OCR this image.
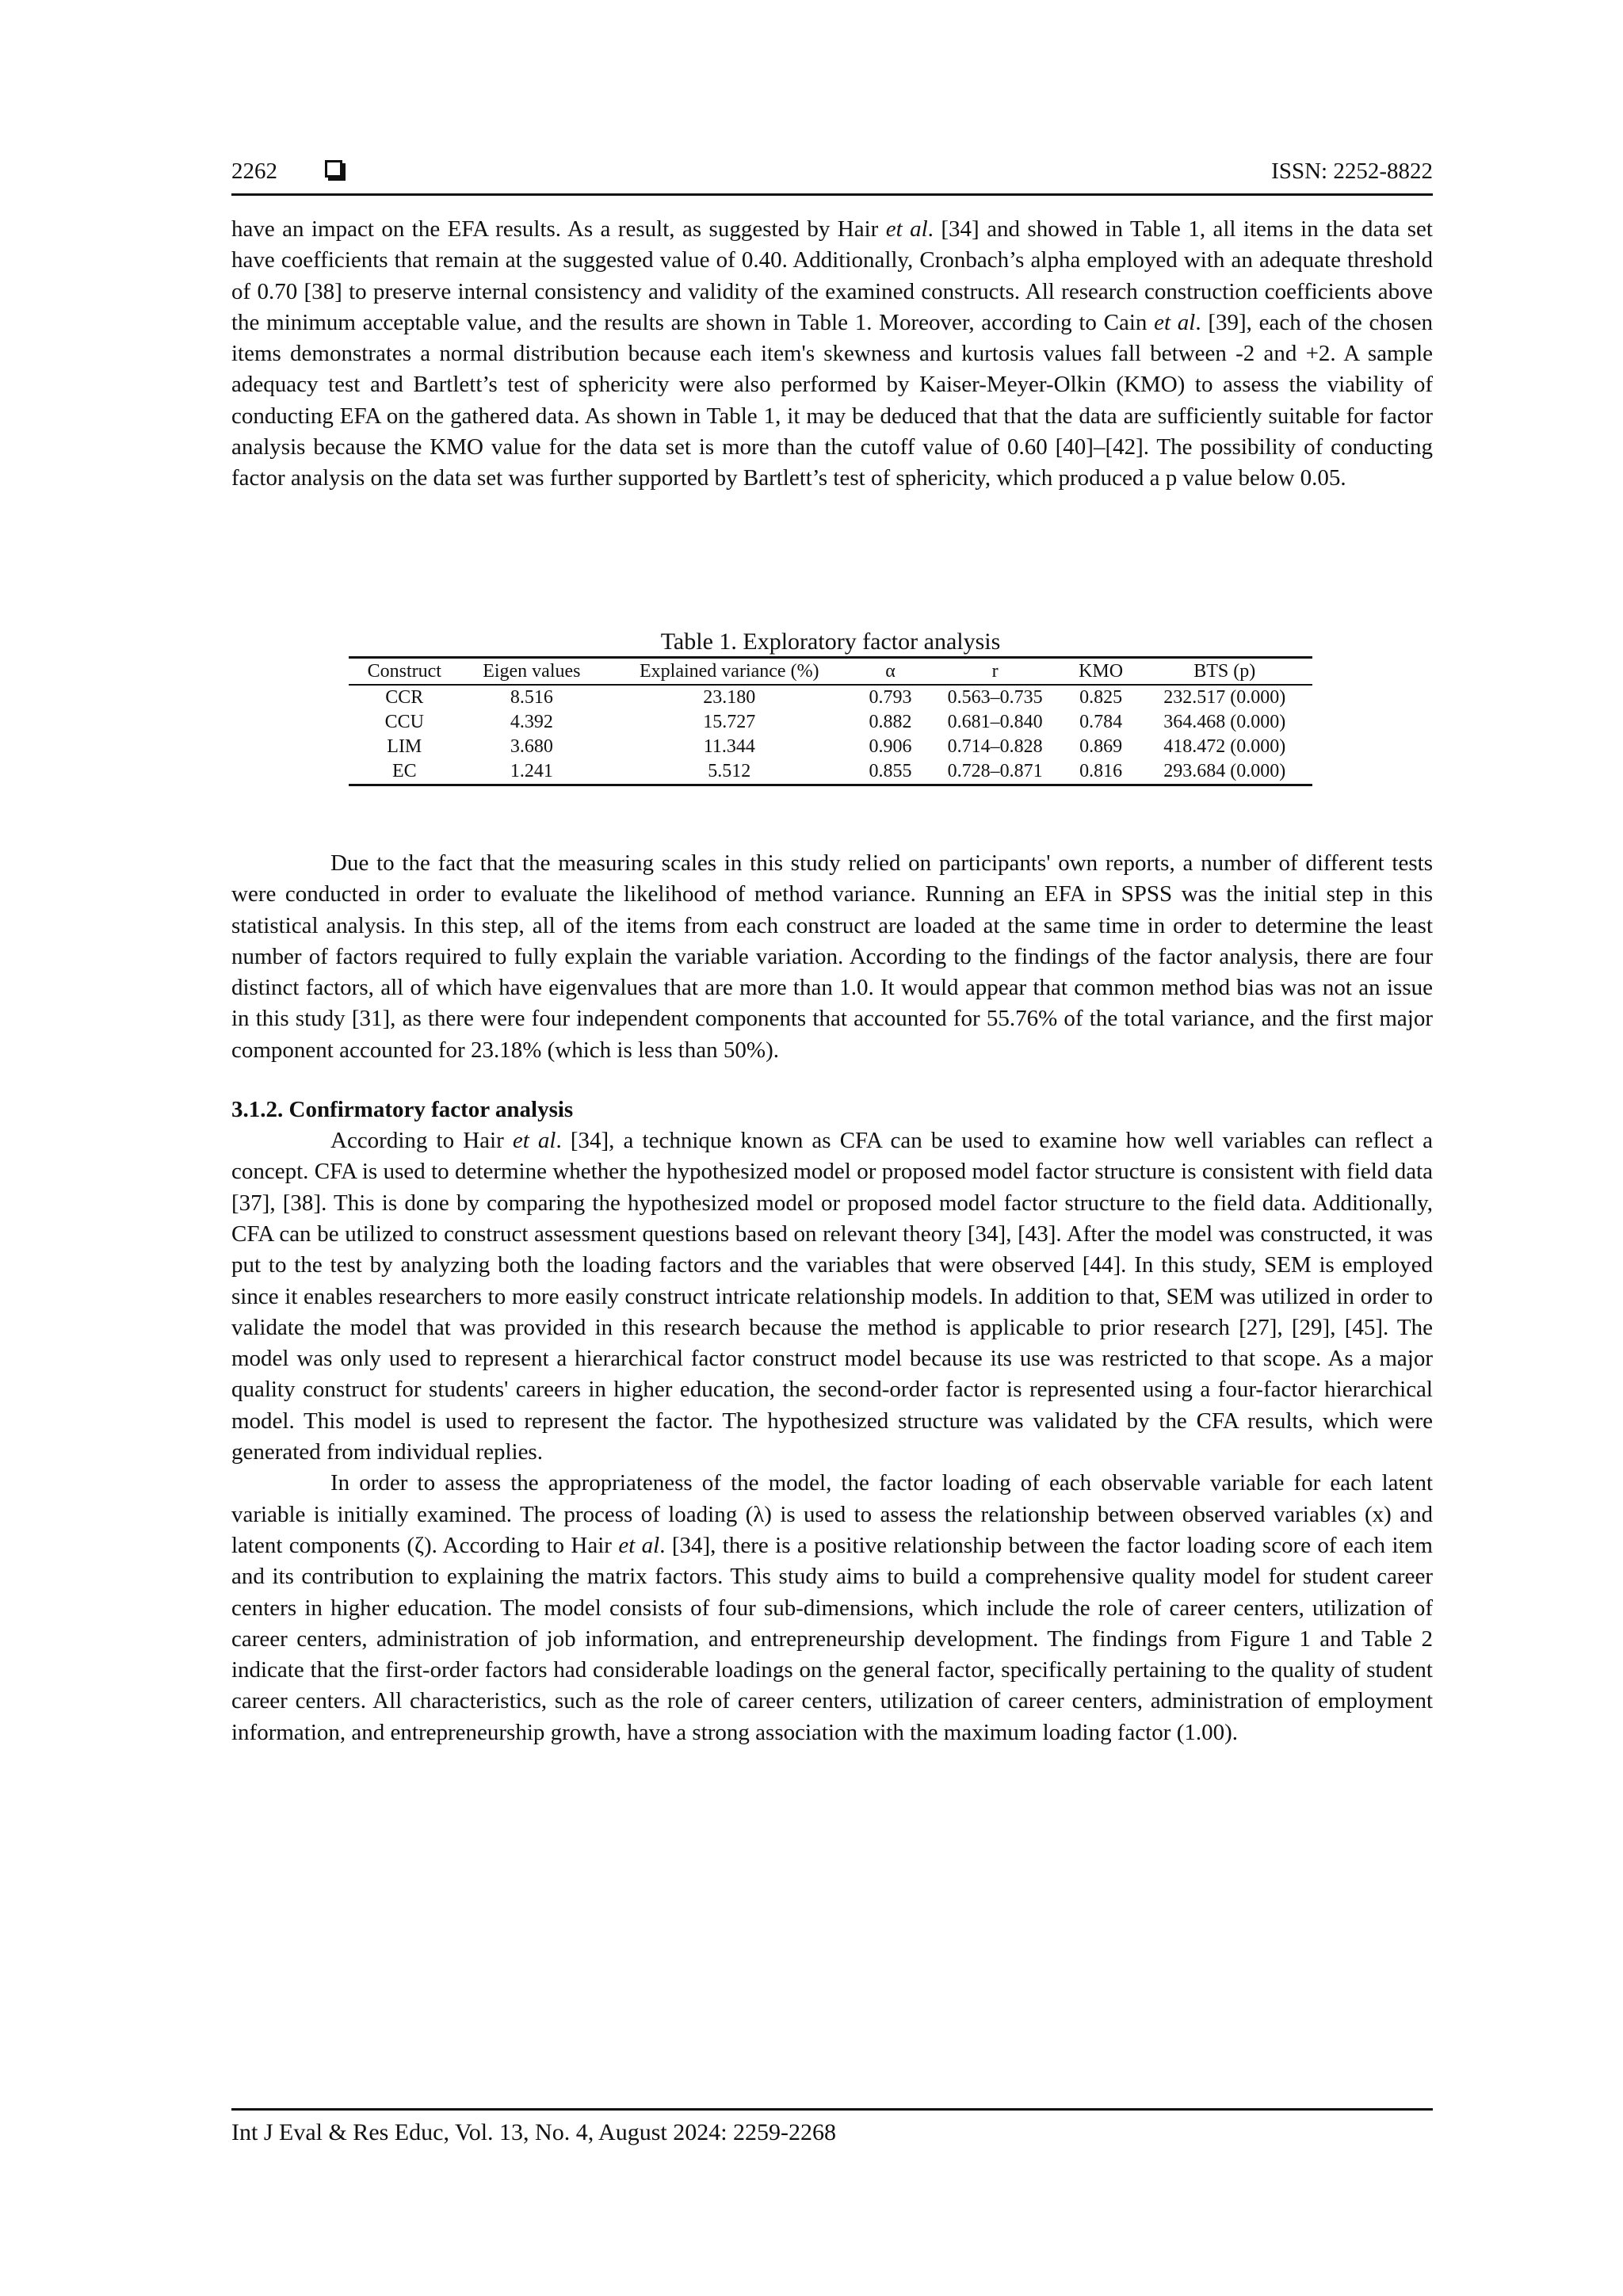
2262	ISSN: 2252-8822

have an impact on the EFA results. As a result, as suggested by Hair et al. [34] and showed in Table 1, all items in the data set have coefficients that remain at the suggested value of 0.40. Additionally, Cronbach’s alpha employed with an adequate threshold of 0.70 [38] to preserve internal consistency and validity of the examined constructs. All research construction coefficients above the minimum acceptable value, and the results are shown in Table 1. Moreover, according to Cain et al. [39], each of the chosen items demonstrates a normal distribution because each item's skewness and kurtosis values fall between -2 and +2. A sample adequacy test and Bartlett’s test of sphericity were also performed by Kaiser-Meyer-Olkin (KMO) to assess the viability of conducting EFA on the gathered data. As shown in Table 1, it may be deduced that that the data are sufficiently suitable for factor analysis because the KMO value for the data set is more than the cutoff value of 0.60 [40]–[42]. The possibility of conducting factor analysis on the data set was further supported by Bartlett’s test of sphericity, which produced a p value below 0.05.

Table 1. Exploratory factor analysis
Construct	Eigen values	Explained variance (%)	α	r	KMO	BTS (p)
CCR	8.516	23.180	0.793	0.563–0.735	0.825	232.517 (0.000)
CCU	4.392	15.727	0.882	0.681–0.840	0.784	364.468 (0.000)
LIM	3.680	11.344	0.906	0.714–0.828	0.869	418.472 (0.000)
EC	1.241	5.512	0.855	0.728–0.871	0.816	293.684 (0.000)

Due to the fact that the measuring scales in this study relied on participants' own reports, a number of different tests were conducted in order to evaluate the likelihood of method variance. Running an EFA in SPSS was the initial step in this statistical analysis. In this step, all of the items from each construct are loaded at the same time in order to determine the least number of factors required to fully explain the variable variation. According to the findings of the factor analysis, there are four distinct factors, all of which have eigenvalues that are more than 1.0. It would appear that common method bias was not an issue in this study [31], as there were four independent components that accounted for 55.76% of the total variance, and the first major component accounted for 23.18% (which is less than 50%).

3.1.2. Confirmatory factor analysis

According to Hair et al. [34], a technique known as CFA can be used to examine how well variables can reflect a concept. CFA is used to determine whether the hypothesized model or proposed model factor structure is consistent with field data [37], [38]. This is done by comparing the hypothesized model or proposed model factor structure to the field data. Additionally, CFA can be utilized to construct assessment questions based on relevant theory [34], [43]. After the model was constructed, it was put to the test by analyzing both the loading factors and the variables that were observed [44]. In this study, SEM is employed since it enables researchers to more easily construct intricate relationship models. In addition to that, SEM was utilized in order to validate the model that was provided in this research because the method is applicable to prior research [27], [29], [45]. The model was only used to represent a hierarchical factor construct model because its use was restricted to that scope. As a major quality construct for students' careers in higher education, the second-order factor is represented using a four-factor hierarchical model. This model is used to represent the factor. The hypothesized structure was validated by the CFA results, which were generated from individual replies.

In order to assess the appropriateness of the model, the factor loading of each observable variable for each latent variable is initially examined. The process of loading (λ) is used to assess the relationship between observed variables (x) and latent components (ζ). According to Hair et al. [34], there is a positive relationship between the factor loading score of each item and its contribution to explaining the matrix factors. This study aims to build a comprehensive quality model for student career centers in higher education. The model consists of four sub-dimensions, which include the role of career centers, utilization of career centers, administration of job information, and entrepreneurship development. The findings from Figure 1 and Table 2 indicate that the first-order factors had considerable loadings on the general factor, specifically pertaining to the quality of student career centers. All characteristics, such as the role of career centers, utilization of career centers, administration of employment information, and entrepreneurship growth, have a strong association with the maximum loading factor (1.00).

Int J Eval & Res Educ, Vol. 13, No. 4, August 2024: 2259-2268
